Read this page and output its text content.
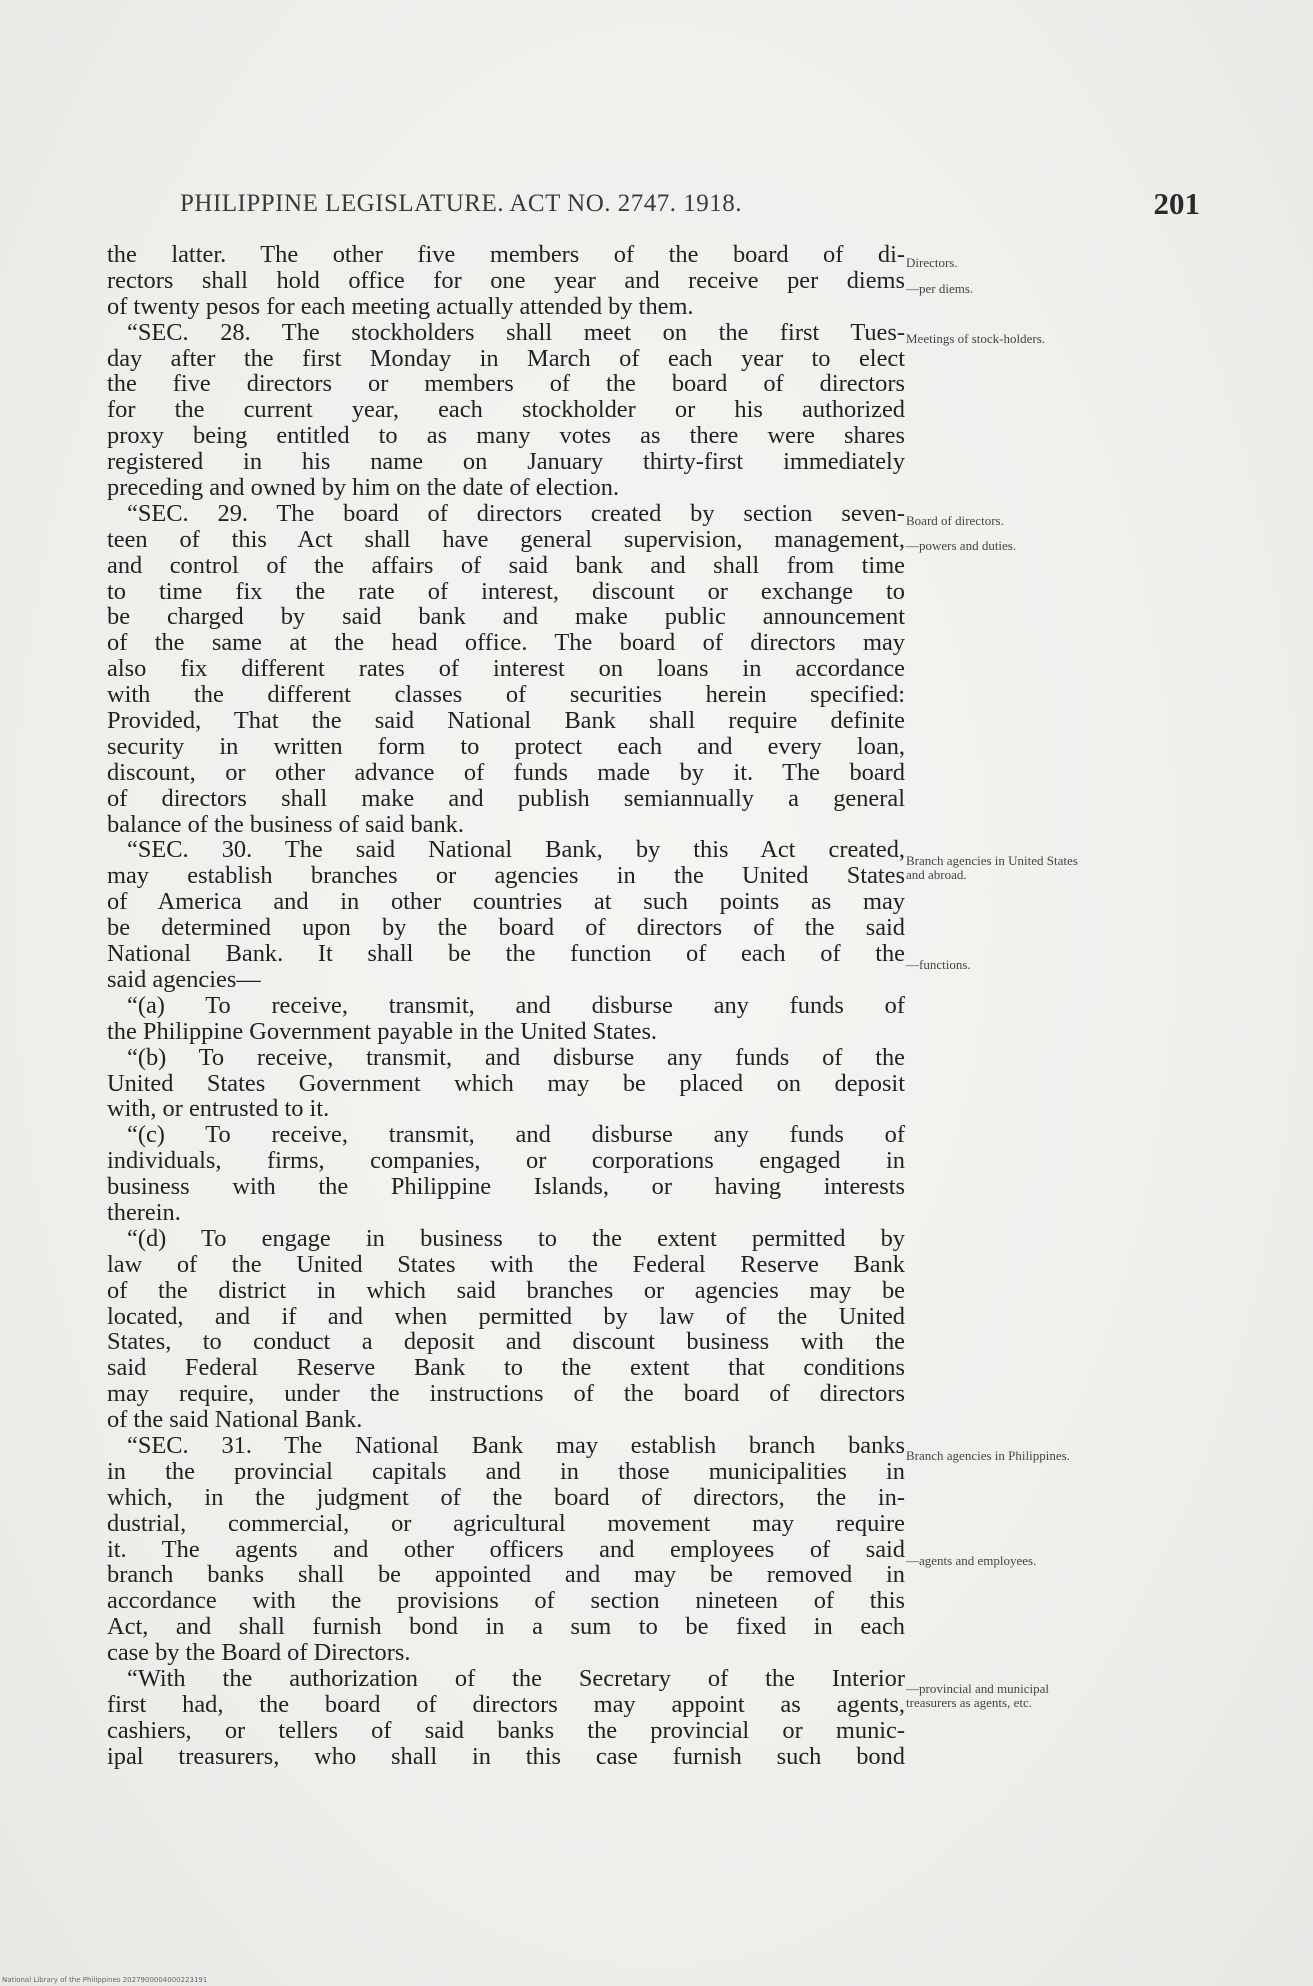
PHILIPPINE LEGISLATURE. ACT NO. 2747. 1918.	201
the latter. The other five members of the board of di-
rectors shall hold office for one year and receive per diems
of twenty pesos for each meeting actually attended by them.
“SEC. 28. The stockholders shall meet on the first Tues-
day after the first Monday in March of each year to elect
the five directors or members of the board of directors
for the current year, each stockholder or his authorized
proxy being entitled to as many votes as there were shares
registered in his name on January thirty-first immediately
preceding and owned by him on the date of election.
“SEC. 29. The board of directors created by section seven-
teen of this Act shall have general supervision, management,
and control of the affairs of said bank and shall from time
to time fix the rate of interest, discount or exchange to
be charged by said bank and make public announcement
of the same at the head office. The board of directors may
also fix different rates of interest on loans in accordance
with the different classes of securities herein specified:
Provided, That the said National Bank shall require definite
security in written form to protect each and every loan,
discount, or other advance of funds made by it. The board
of directors shall make and publish semiannually a general
balance of the business of said bank.
“SEC. 30. The said National Bank, by this Act created,
may establish branches or agencies in the United States
of America and in other countries at such points as may
be determined upon by the board of directors of the said
National Bank. It shall be the function of each of the
said agencies—
“(a) To receive, transmit, and disburse any funds of
the Philippine Government payable in the United States.
“(b) To receive, transmit, and disburse any funds of the
United States Government which may be placed on deposit
with, or entrusted to it.
“(c) To receive, transmit, and disburse any funds of
individuals, firms, companies, or corporations engaged in
business with the Philippine Islands, or having interests
therein.
“(d) To engage in business to the extent permitted by
law of the United States with the Federal Reserve Bank
of the district in which said branches or agencies may be
located, and if and when permitted by law of the United
States, to conduct a deposit and discount business with the
said Federal Reserve Bank to the extent that conditions
may require, under the instructions of the board of directors
of the said National Bank.
“SEC. 31. The National Bank may establish branch banks
in the provincial capitals and in those municipalities in
which, in the judgment of the board of directors, the in-
dustrial, commercial, or agricultural movement may require
it. The agents and other officers and employees of said
branch banks shall be appointed and may be removed in
accordance with the provisions of section nineteen of this
Act, and shall furnish bond in a sum to be fixed in each
case by the Board of Directors.
“With the authorization of the Secretary of the Interior
first had, the board of directors may appoint as agents,
cashiers, or tellers of said banks the provincial or munic-
ipal treasurers, who shall in this case furnish such bond
Directors.
—per diems.
Meetings of stock-holders.
Board of directors.
—powers and duties.
Branch agencies in United States and abroad.
—functions.
Branch agencies in Philippines.
—agents and employees.
—provincial and municipal treasurers as agents, etc.
National Library of the Philippines 2027900004000223191
